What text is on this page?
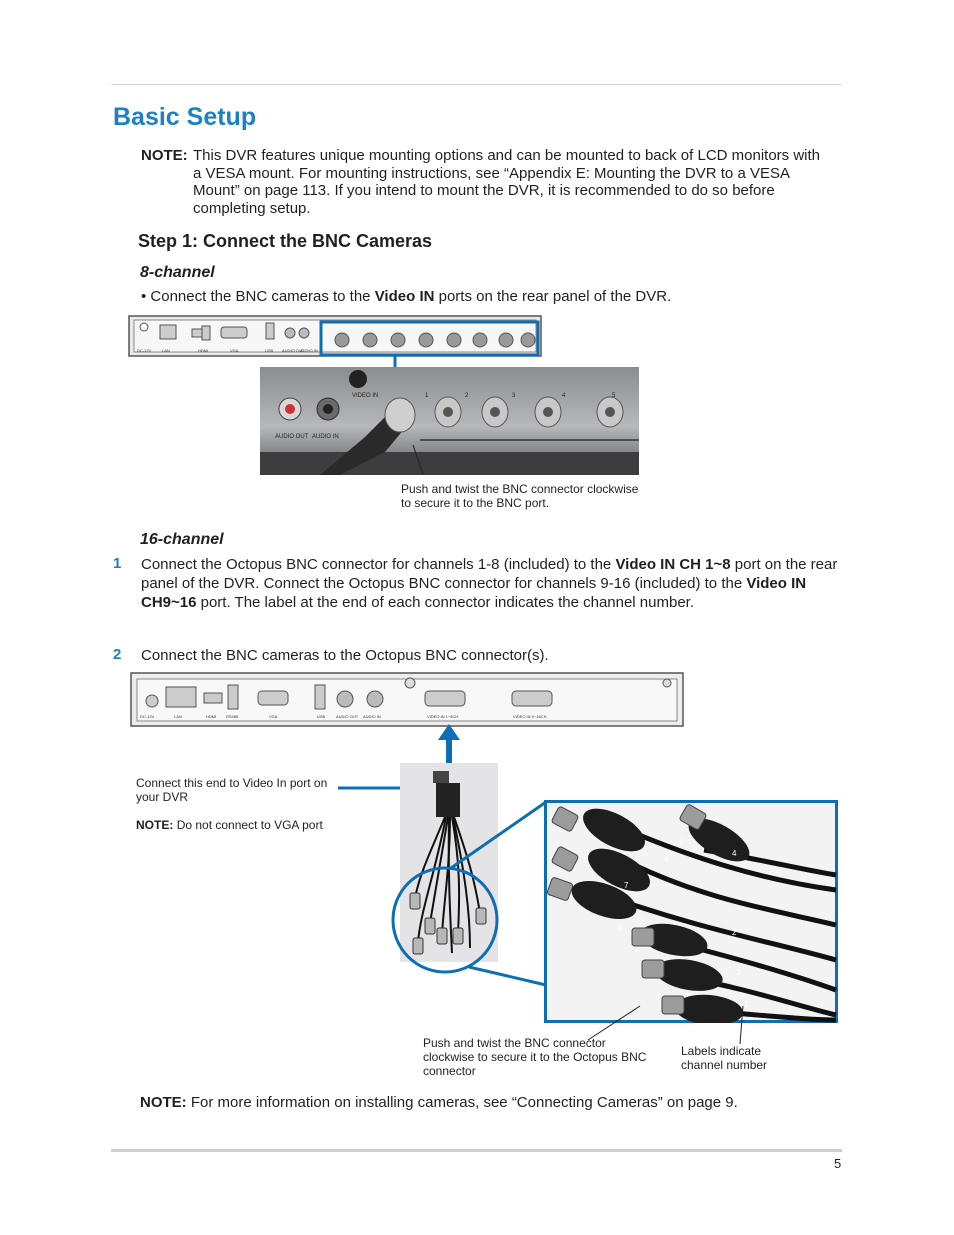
Basic Setup
NOTE: This DVR features unique mounting options and can be mounted to back of LCD monitors with a VESA mount. For mounting instructions, see “Appendix E: Mounting the DVR to a VESA Mount” on page 113. If you intend to mount the DVR, it is recommended to do so before completing setup.
Step 1: Connect the BNC Cameras
8-channel
• Connect the BNC cameras to the Video IN ports on the rear panel of the DVR.
DC-12V	LAN	HDMI	VGA	USB AUDIO OUT
AUDIO IN
AUDIO OUT AUDIO IN
VIDEO IN	1	2	3	4	5
Push and twist the BNC connector clockwise to secure it to the BNC port.
16-channel
1 Connect the Octopus BNC connector for channels 1-8 (included) to the Video IN CH 1~8 port on the rear panel of the DVR. Connect the Octopus BNC connector for channels 9-16 (included) to the Video IN CH9~16 port. The label at the end of each connector indicates the channel number.
2 Connect the BNC cameras to the Octopus BNC connector(s).
DC-12V	LAN	HDMI RS485	VGA	USB	AUDIO OUT AUDIO IN	VIDEO IN 1~8CH	VIDEO IN 9~16CH
Connect this end to Video In port on your DVR
NOTE: Do not connect to VGA port
8
4
6
7
5
2
3
1
Push and twist the BNC connector clockwise to secure it to the Octopus BNC connector
Labels indicate channel number
NOTE: For more information on installing cameras, see “Connecting Cameras” on page 9.
5
